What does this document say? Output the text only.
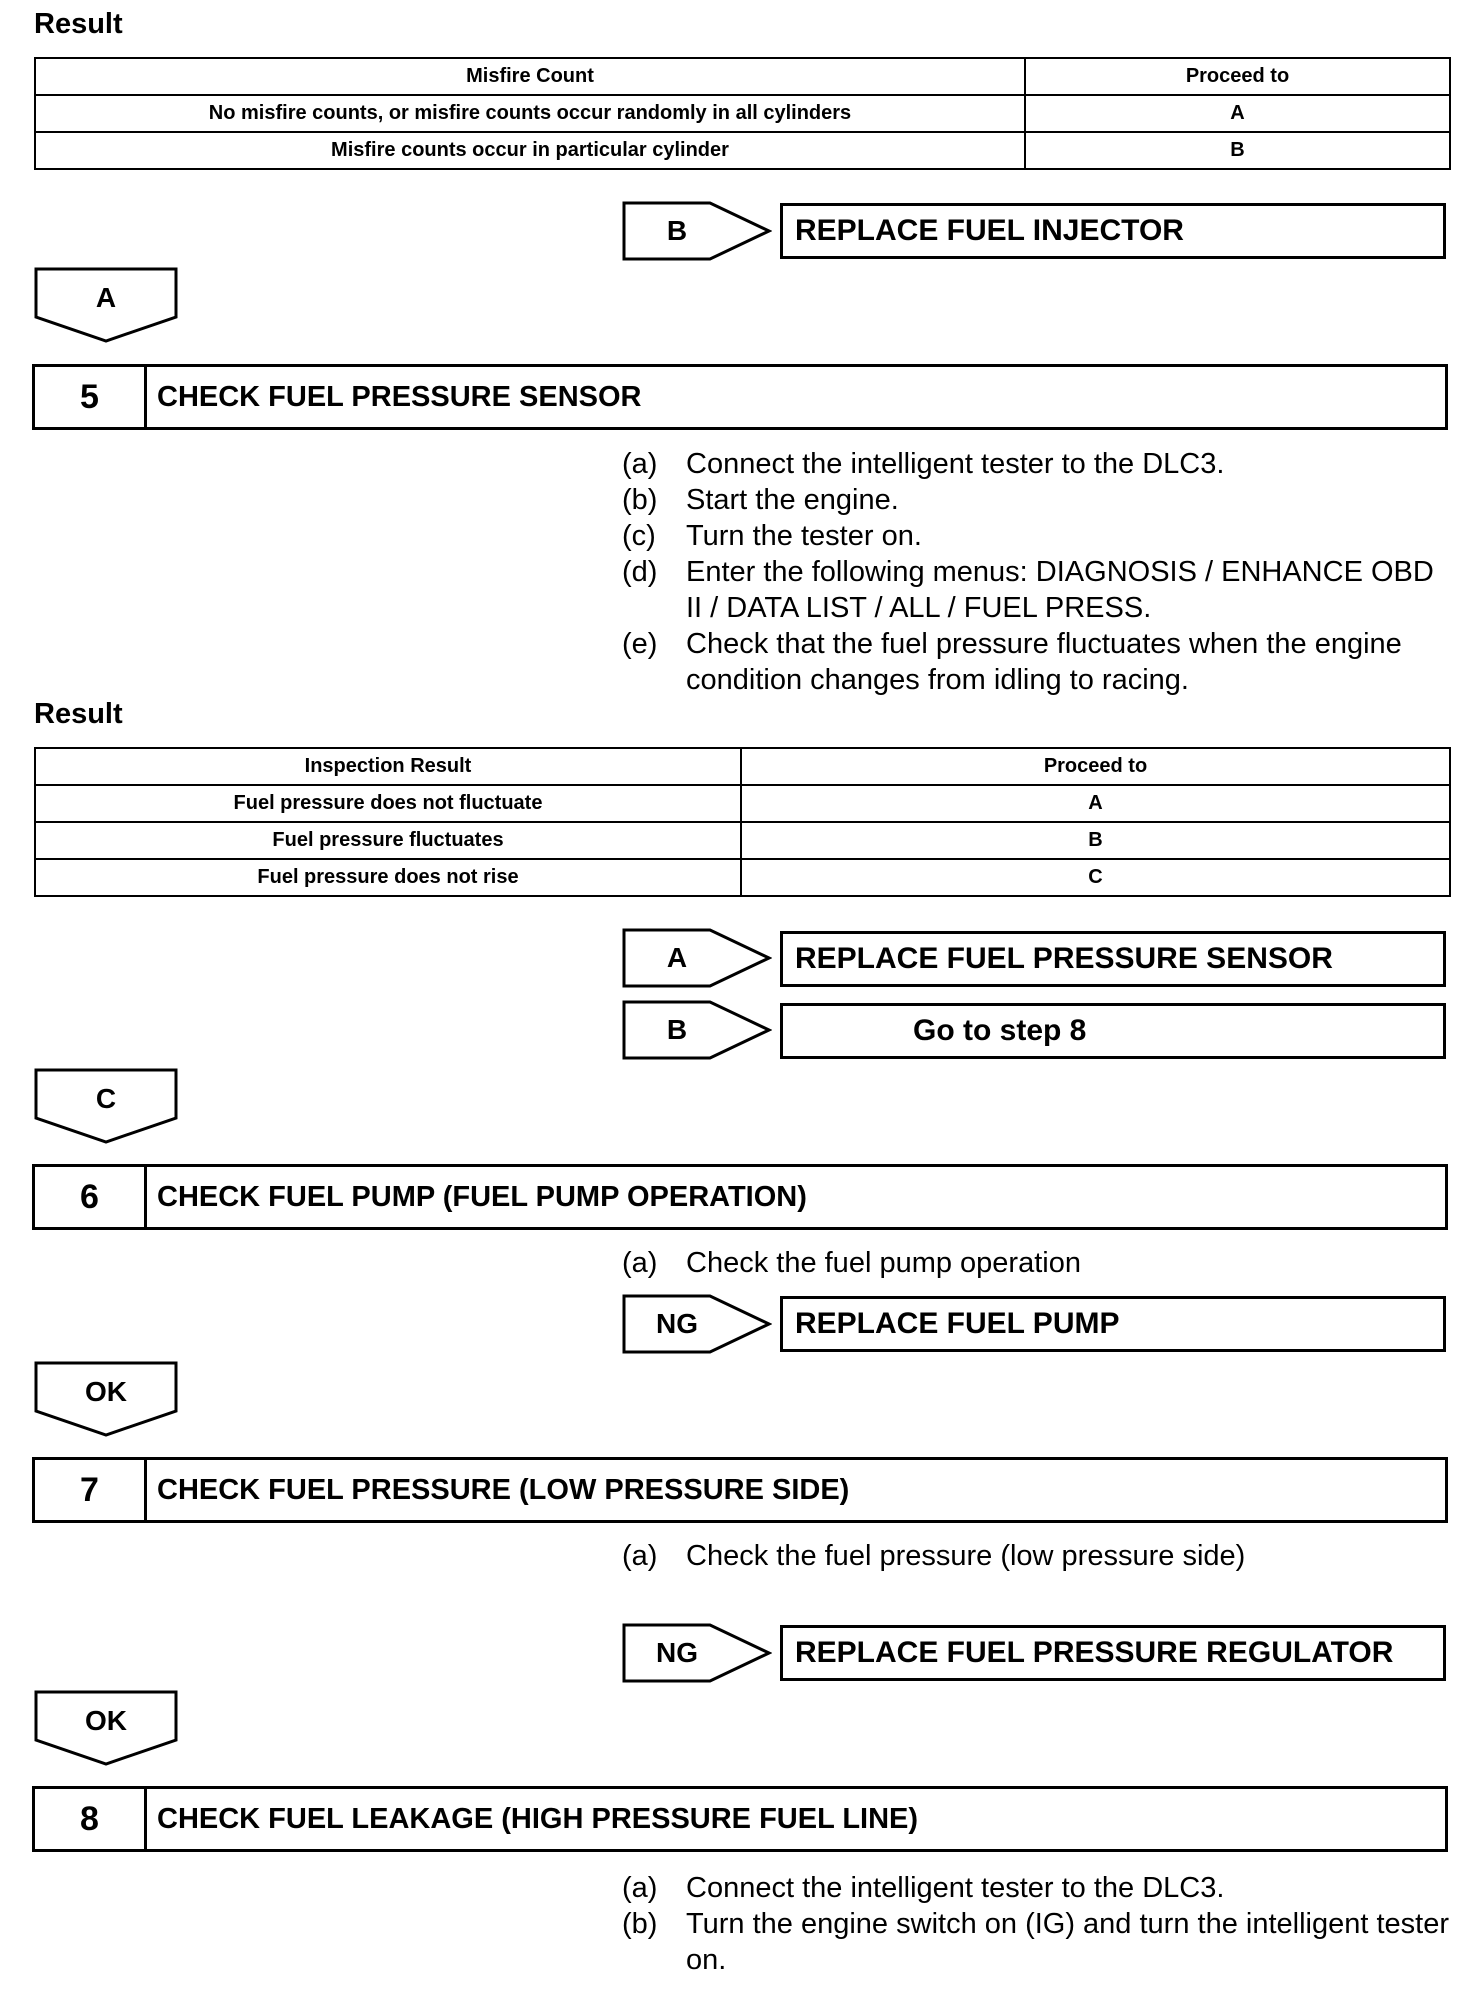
Result
Misfire Count	Proceed to
No misfire counts, or misfire counts occur randomly in all cylinders	A
Misfire counts occur in particular cylinder	B
B	REPLACE FUEL INJECTOR
A
5	CHECK FUEL PRESSURE SENSOR
(a) Connect the intelligent tester to the DLC3.
(b) Start the engine.
(c)	Turn the tester on.
(d) Enter the following menus: DIAGNOSIS / ENHANCE OBD II / DATA LIST / ALL / FUEL PRESS.
(e) Check that the fuel pressure fluctuates when the engine condition changes from idling to racing.
Result
Inspection Result	Proceed to
Fuel pressure does not fluctuate	A
Fuel pressure fluctuates	B
Fuel pressure does not rise	C
A	REPLACE FUEL PRESSURE SENSOR
B	Go to step 8
C
6	CHECK FUEL PUMP (FUEL PUMP OPERATION)
(a) Check the fuel pump operation
NG	REPLACE FUEL PUMP
OK
7	CHECK FUEL PRESSURE (LOW PRESSURE SIDE)
(a) Check the fuel pressure (low pressure side)
NG	REPLACE FUEL PRESSURE REGULATOR
OK
8	CHECK FUEL LEAKAGE (HIGH PRESSURE FUEL LINE)
(a) Connect the intelligent tester to the DLC3.
(b) Turn the engine switch on (IG) and turn the intelligent tester on.
